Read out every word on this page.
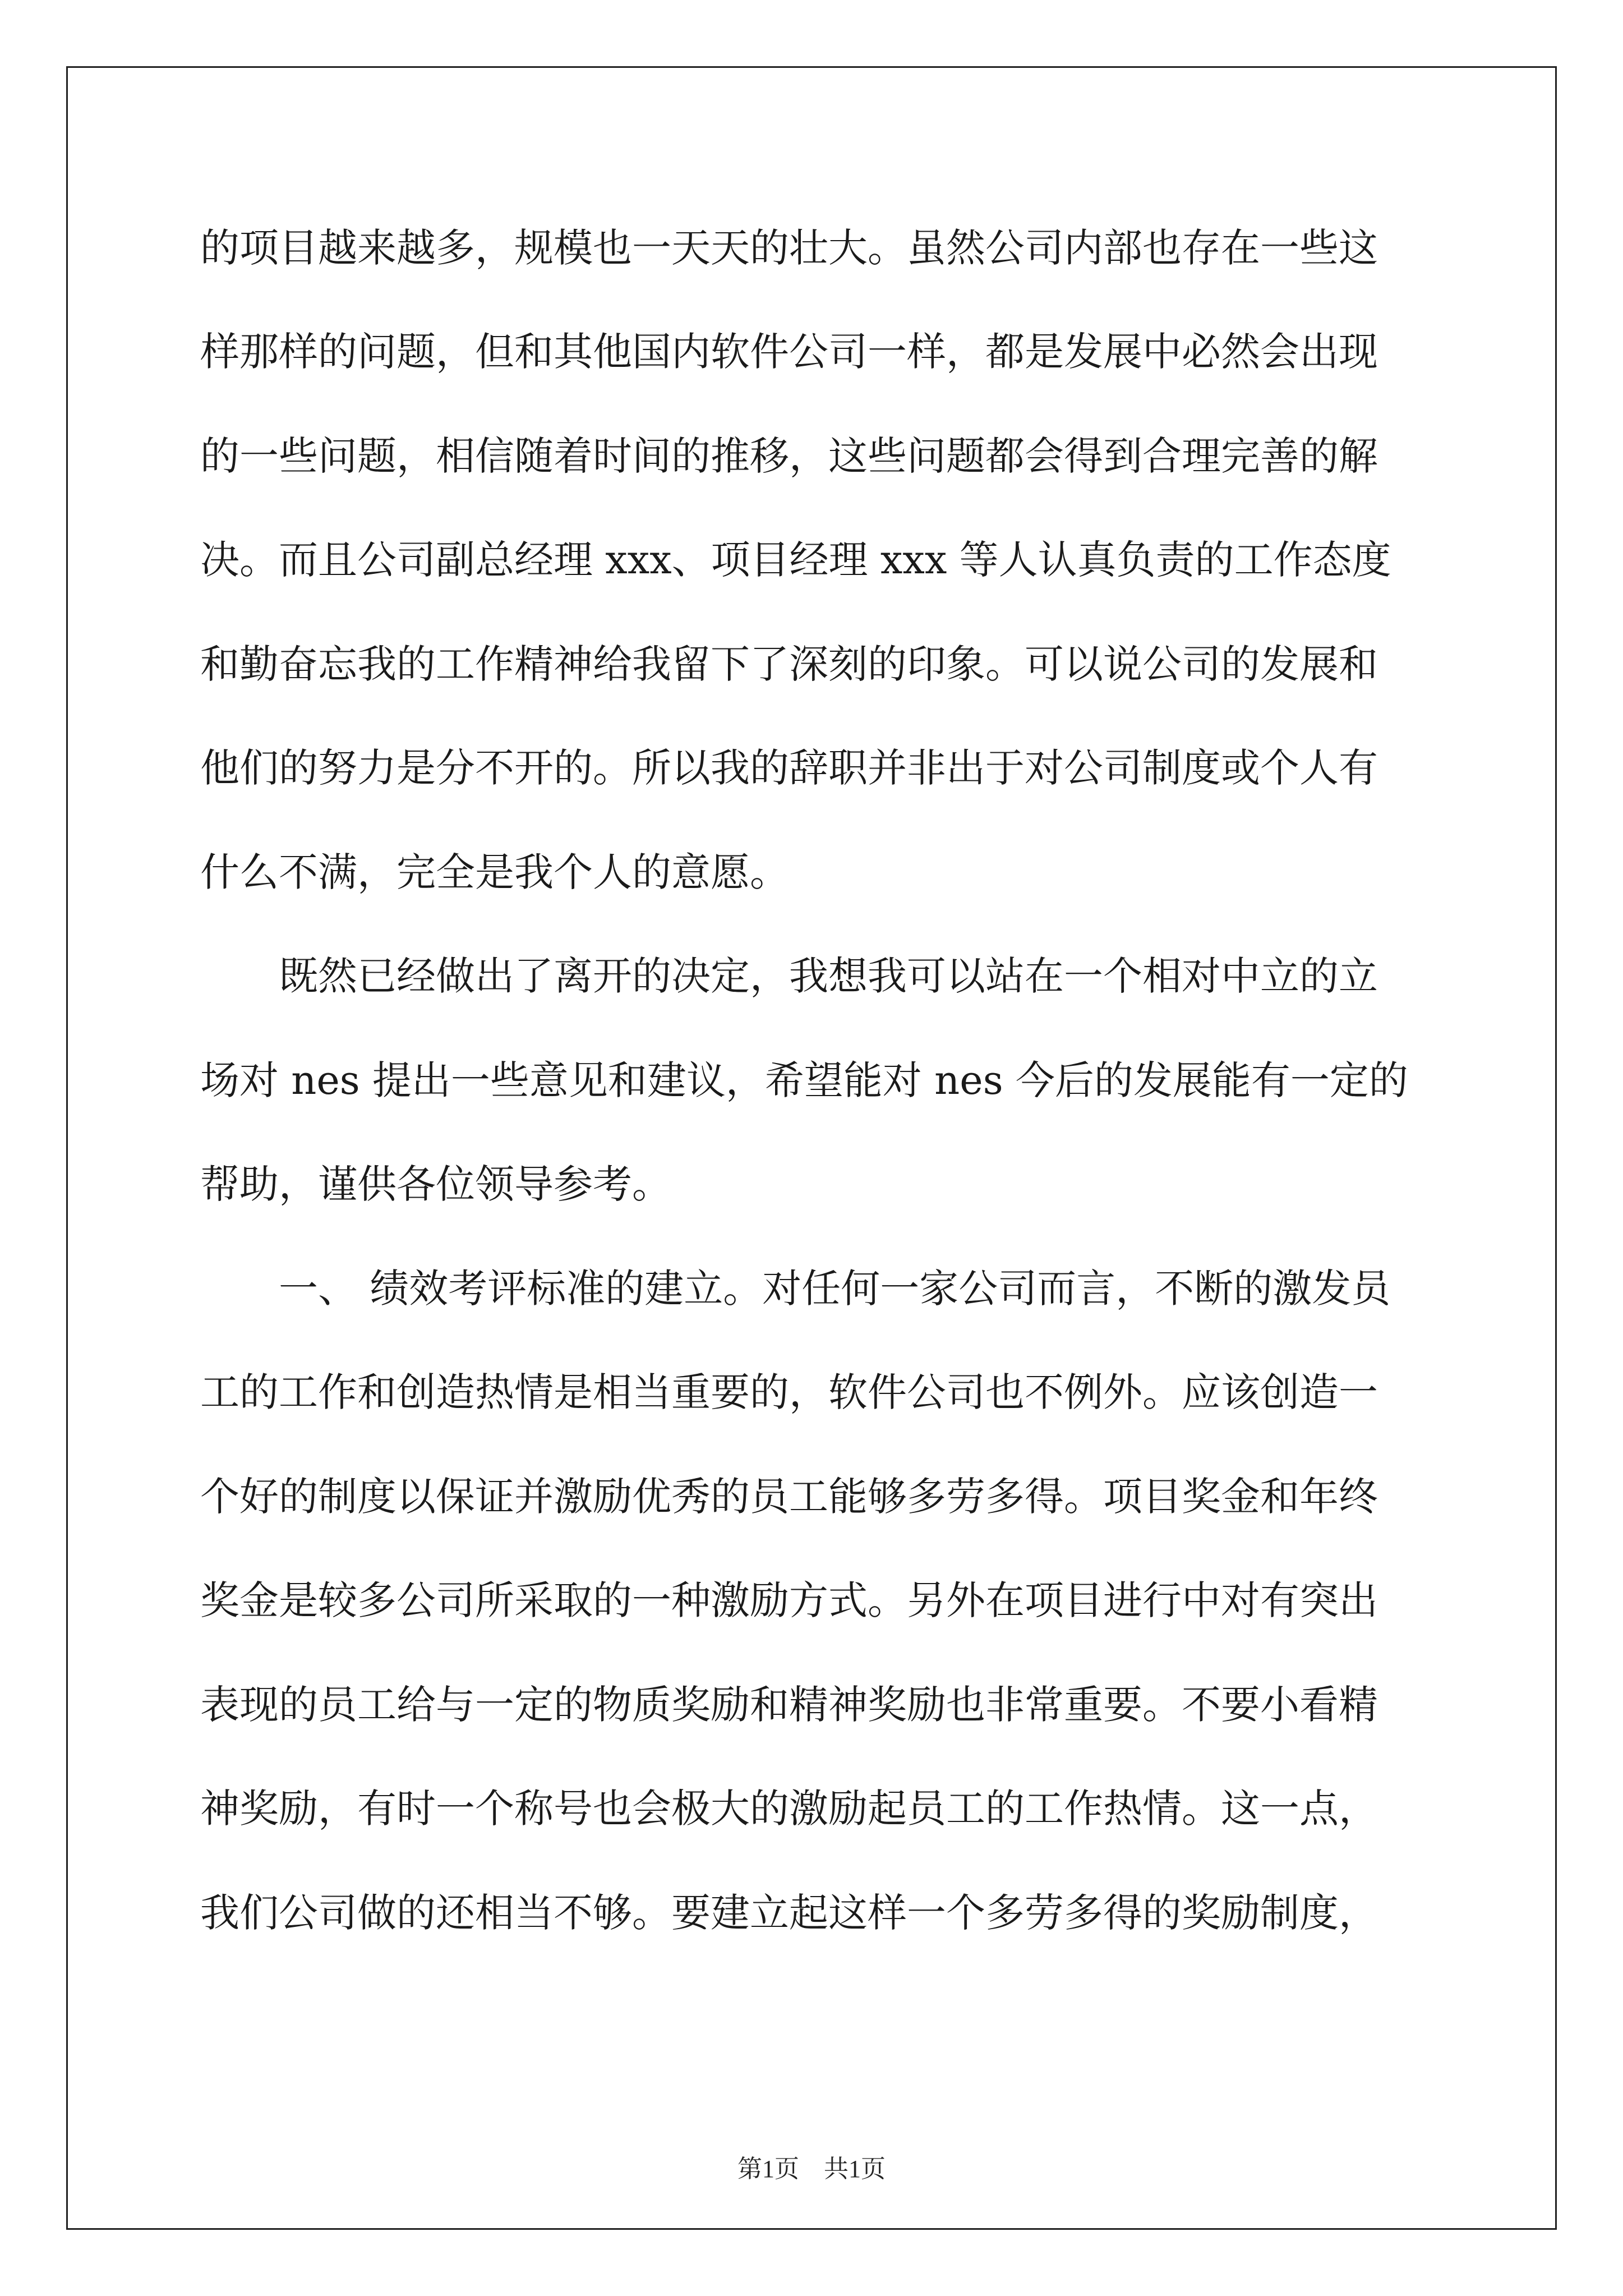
的项目越来越多，规模也一天天的壮大。虽然公司内部也存在一些这
样那样的问题，但和其他国内软件公司一样，都是发展中必然会出现
的一些问题，相信随着时间的推移，这些问题都会得到合理完善的解
决。而且公司副总经理 xxx、项目经理 xxx 等人认真负责的工作态度
和勤奋忘我的工作精神给我留下了深刻的印象。可以说公司的发展和
他们的努力是分不开的。所以我的辞职并非出于对公司制度或个人有
什么不满，完全是我个人的意愿。
　　既然已经做出了离开的决定，我想我可以站在一个相对中立的立
场对 nes 提出一些意见和建议，希望能对 nes 今后的发展能有一定的
帮助，谨供各位领导参考。
　　一、 绩效考评标准的建立。对任何一家公司而言，不断的激发员
工的工作和创造热情是相当重要的，软件公司也不例外。应该创造一
个好的制度以保证并激励优秀的员工能够多劳多得。项目奖金和年终
奖金是较多公司所采取的一种激励方式。另外在项目进行中对有突出
表现的员工给与一定的物质奖励和精神奖励也非常重要。不要小看精
神奖励，有时一个称号也会极大的激励起员工的工作热情。这一点，
我们公司做的还相当不够。要建立起这样一个多劳多得的奖励制度，
第1页　共1页
